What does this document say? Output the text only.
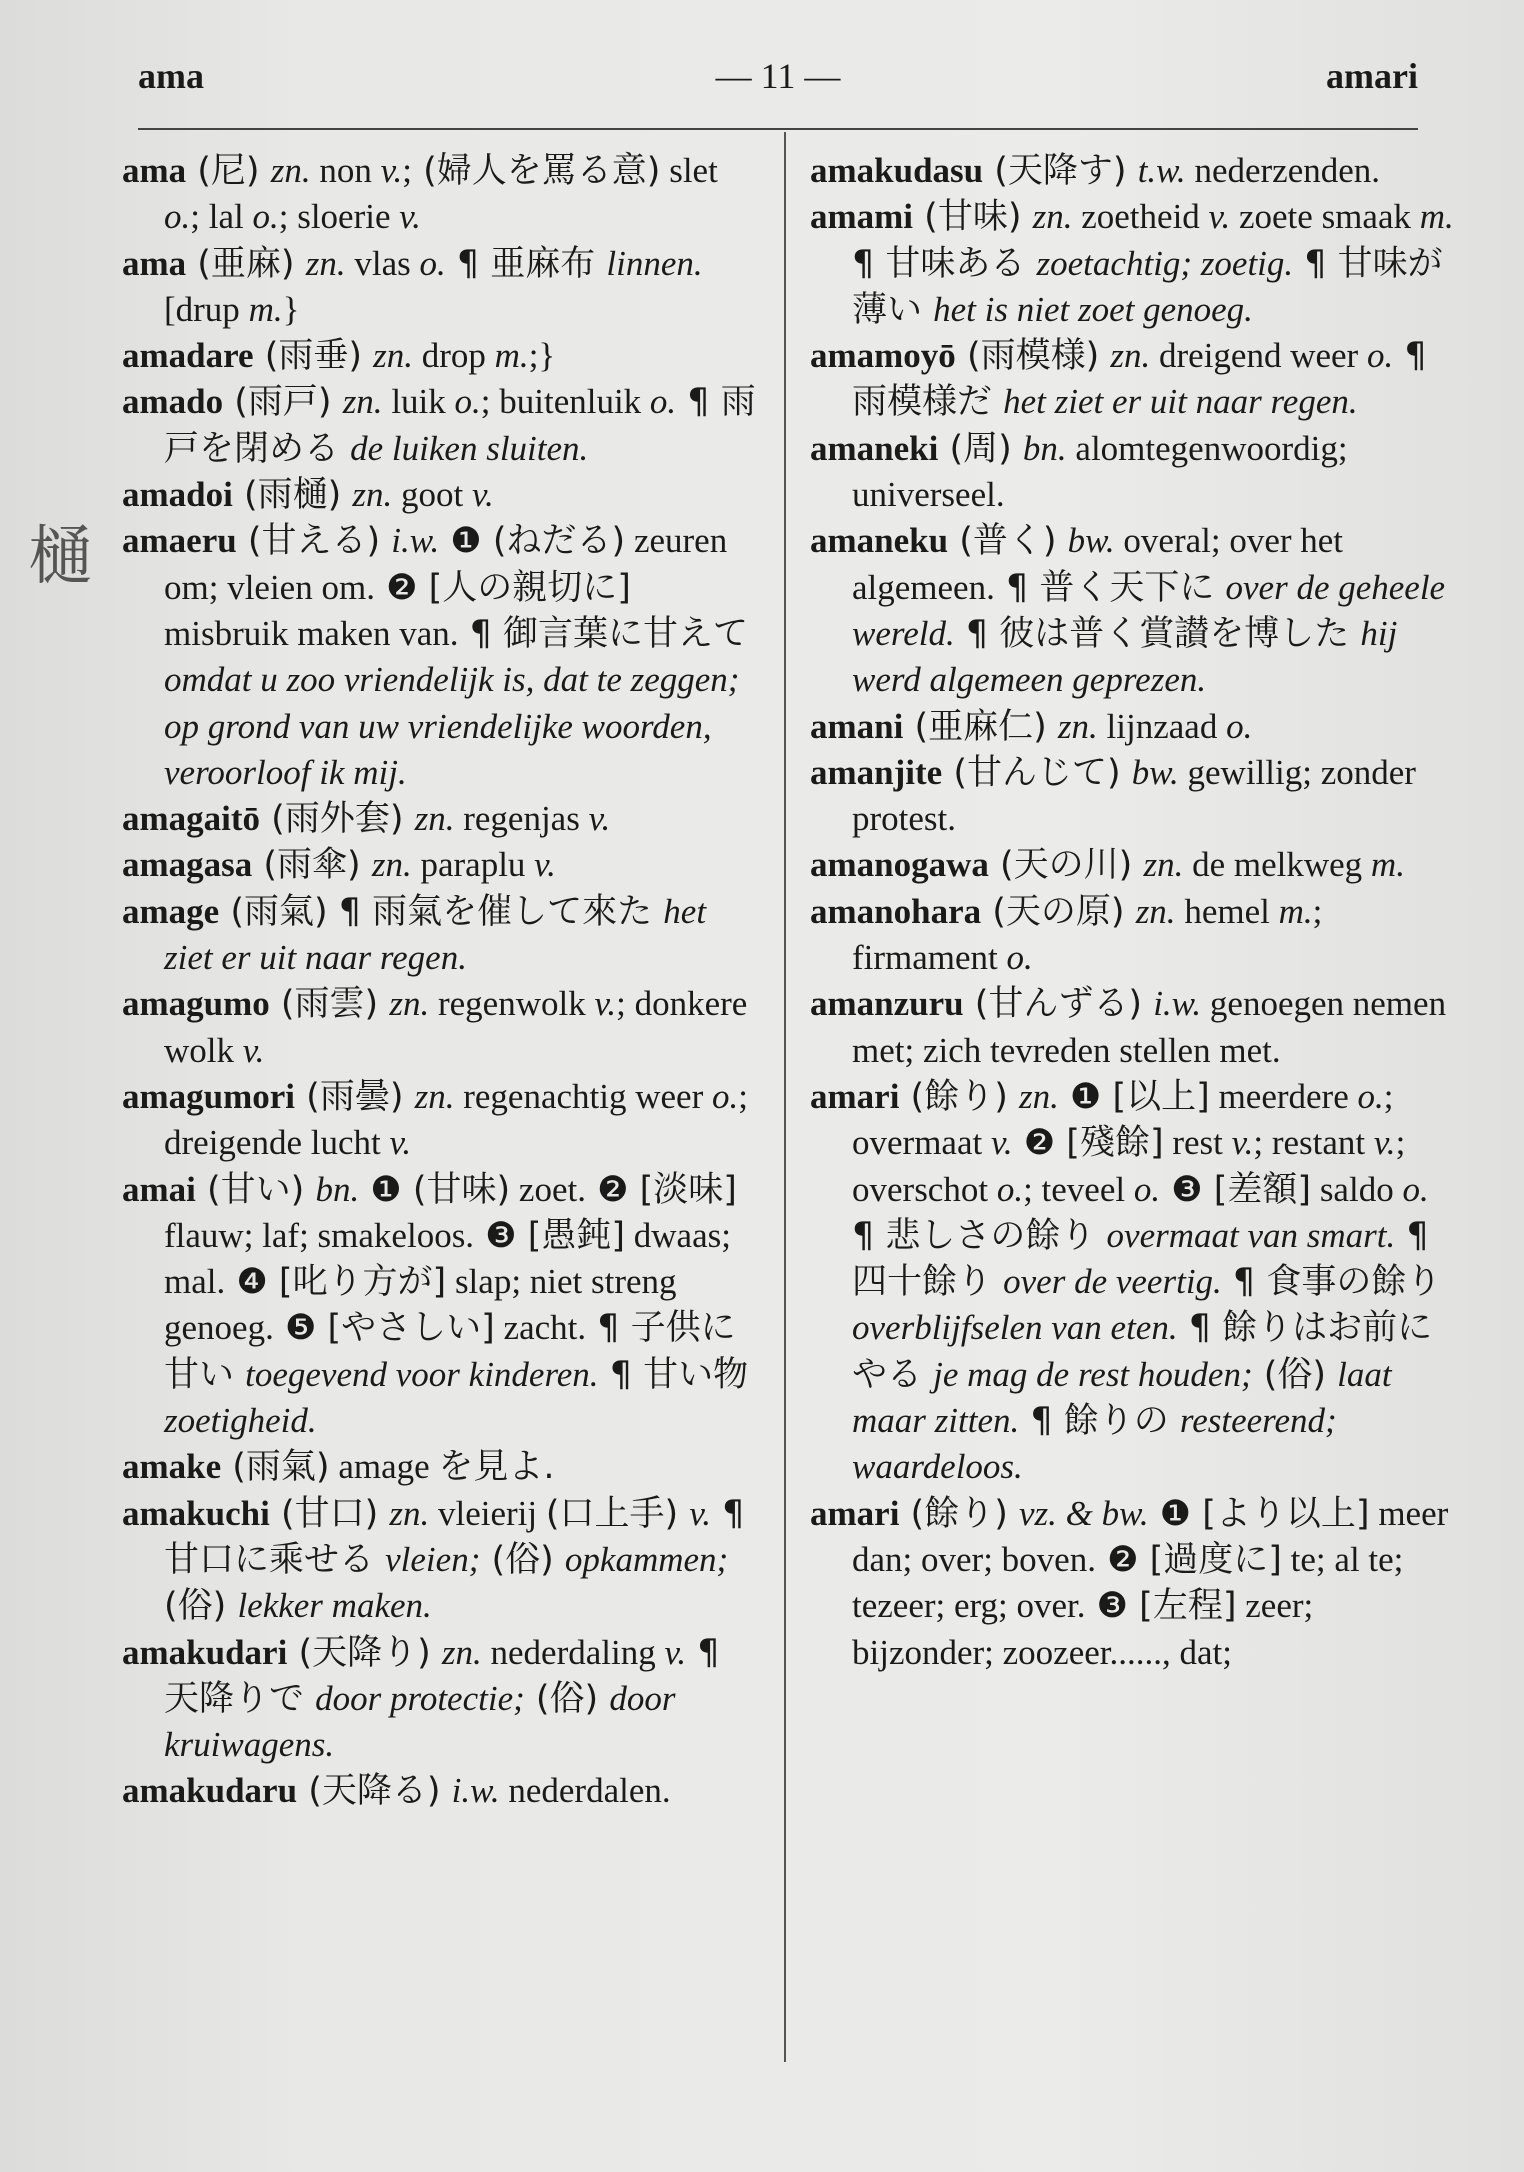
ama	— 11 —	amari
樋

ama (尼) zn. non v.; (婦人を罵る意) slet o.; lal o.; sloerie v.

ama (亜麻) zn. vlas o. ¶ 亜麻布 linnen. [drup m.}

amadare (雨垂) zn. drop m.;}

amado (雨戸) zn. luik o.; buitenluik o. ¶ 雨戸を閉める de luiken sluiten.

amadoi (雨樋) zn. goot v.

amaeru (甘える) i.w. ❶ (ねだる) zeuren om; vleien om. ❷ [人の親切に] misbruik maken van. ¶ 御言葉に甘えて omdat u zoo vriendelijk is, dat te zeggen; op grond van uw vriendelijke woorden, veroorloof ik mij.

amagaitō (雨外套) zn. regenjas v.

amagasa (雨傘) zn. paraplu v.

amage (雨氣) ¶ 雨氣を催して來た het ziet er uit naar regen.

amagumo (雨雲) zn. regenwolk v.; donkere wolk v.

amagumori (雨曇) zn. regenachtig weer o.; dreigende lucht v.

amai (甘い) bn. ❶ (甘味) zoet. ❷ [淡味] flauw; laf; smakeloos. ❸ [愚鈍] dwaas; mal. ❹ [叱り方が] slap; niet streng genoeg. ❺ [やさしい] zacht. ¶ 子供に甘い toegevend voor kinderen. ¶ 甘い物 zoetigheid.

amake (雨氣) amage を見よ.

amakuchi (甘口) zn. vleierij (口上手) v. ¶ 甘口に乘せる vleien; (俗) opkammen; (俗) lekker maken.

amakudari (天降り) zn. nederdaling v. ¶ 天降りで door protectie; (俗) door kruiwagens.

amakudaru (天降る) i.w. nederdalen.

amakudasu (天降す) t.w. nederzenden.

amami (甘味) zn. zoetheid v. zoete smaak m. ¶ 甘味ある zoetachtig; zoetig. ¶ 甘味が薄い het is niet zoet genoeg.

amamoyō (雨模様) zn. dreigend weer o. ¶ 雨模様だ het ziet er uit naar regen.

amaneki (周) bn. alomtegenwoordig; universeel.

amaneku (普く) bw. overal; over het algemeen. ¶ 普く天下に over de geheele wereld. ¶ 彼は普く賞讃を博した hij werd algemeen geprezen.

amani (亜麻仁) zn. lijnzaad o.

amanjite (甘んじて) bw. gewillig; zonder protest.

amanogawa (天の川) zn. de melkweg m.

amanohara (天の原) zn. hemel m.; firmament o.

amanzuru (甘んずる) i.w. genoegen nemen met; zich tevreden stellen met.

amari (餘り) zn. ❶ [以上] meerdere o.; overmaat v. ❷ [殘餘] rest v.; restant v.; overschot o.; teveel o. ❸ [差額] saldo o. ¶ 悲しさの餘り overmaat van smart. ¶ 四十餘り over de veertig. ¶ 食事の餘り overblijfselen van eten. ¶ 餘りはお前にやる je mag de rest houden; (俗) laat maar zitten. ¶ 餘りの resteerend; waardeloos.

amari (餘り) vz. & bw. ❶ [より以上] meer dan; over; boven. ❷ [過度に] te; al te; tezeer; erg; over. ❸ [左程] zeer; bijzonder; zoozeer......, dat;
